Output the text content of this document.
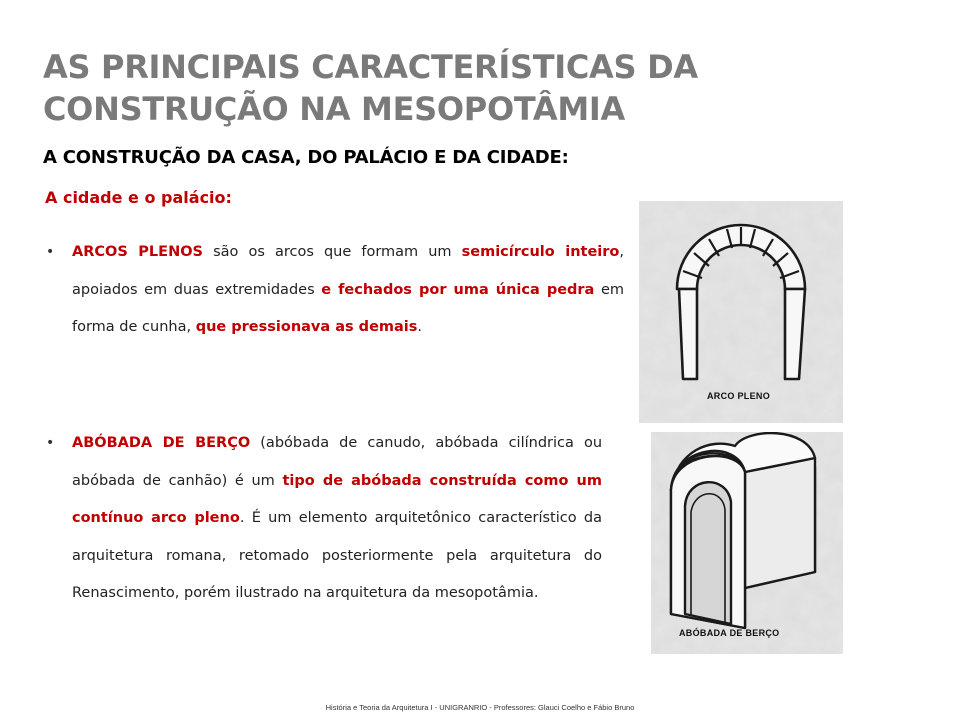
AS PRINCIPAIS CARACTERÍSTICAS DA
CONSTRUÇÃO NA MESOPOTÂMIA
A CONSTRUÇÃO DA CASA, DO PALÁCIO E DA CIDADE:
A cidade e o palácio:

• ARCOS PLENOS são os arcos que formam um semicírculo inteiro, apoiados em duas extremidades e fechados por uma única pedra em forma de cunha, que pressionava as demais.

• ABÓBADA DE BERÇO (abóbada de canudo, abóbada cilíndrica ou abóbada de canhão) é um tipo de abóbada construída como um contínuo arco pleno. É um elemento arquitetônico característico da arquitetura romana, retomado posteriormente pela arquitetura do Renascimento, porém ilustrado na arquitetura da mesopotâmia.

ARCO PLENO
ABÓBADA DE BERÇO
História e Teoria da Arquitetura I - UNIGRANRIO - Professores: Glauci Coelho e Fábio Bruno
